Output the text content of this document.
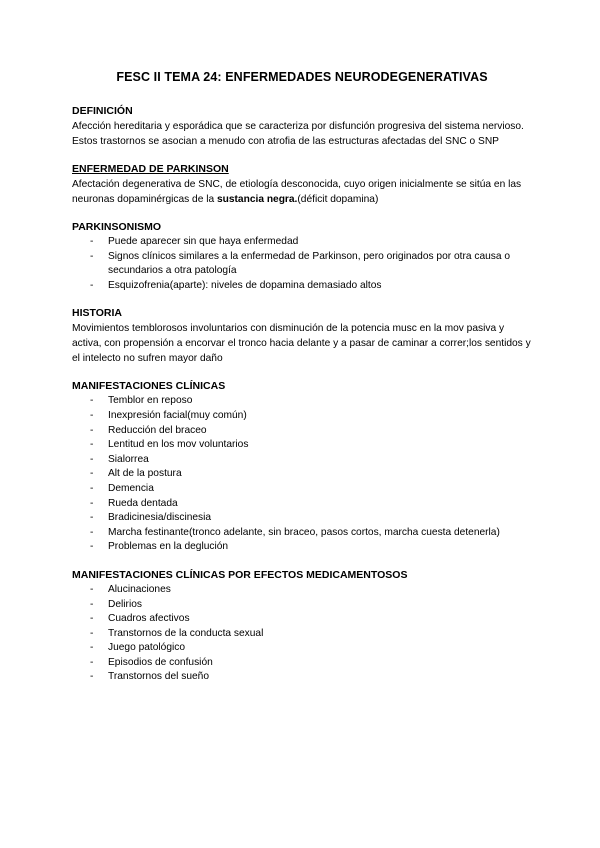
FESC II TEMA 24: ENFERMEDADES NEURODEGENERATIVAS
DEFINICIÓN

Afección hereditaria y esporádica que se caracteriza por disfunción progresiva del sistema nervioso. Estos trastornos se asocian a menudo con atrofia de las estructuras afectadas del SNC o SNP

ENFERMEDAD DE PARKINSON

Afectación degenerativa de SNC, de etiología desconocida, cuyo origen inicialmente se sitúa en las neuronas dopaminérgicas de la sustancia negra.(déficit dopamina)

PARKINSONISMO
- Puede aparecer sin que haya enfermedad
- Signos clínicos similares a la enfermedad de Parkinson, pero originados por otra causa o secundarios a otra patología
- Esquizofrenia(aparte): niveles de dopamina demasiado altos
HISTORIA

Movimientos temblorosos involuntarios con disminución de la potencia musc en la mov pasiva y activa, con propensión a encorvar el tronco hacia delante y a pasar de caminar a correr;los sentidos y el intelecto no sufren mayor daño

MANIFESTACIONES CLÍNICAS
- Temblor en reposo
- Inexpresión facial(muy común)
- Reducción del braceo
- Lentitud en los mov voluntarios
- Sialorrea
- Alt de la postura
- Demencia
- Rueda dentada
- Bradicinesia/discinesia
- Marcha festinante(tronco adelante, sin braceo, pasos cortos, marcha cuesta detenerla)
- Problemas en la deglución
MANIFESTACIONES CLÍNICAS POR EFECTOS MEDICAMENTOSOS
- Alucinaciones
- Delirios
- Cuadros afectivos
- Transtornos de la conducta sexual
- Juego patológico
- Episodios de confusión
- Transtornos del sueño
